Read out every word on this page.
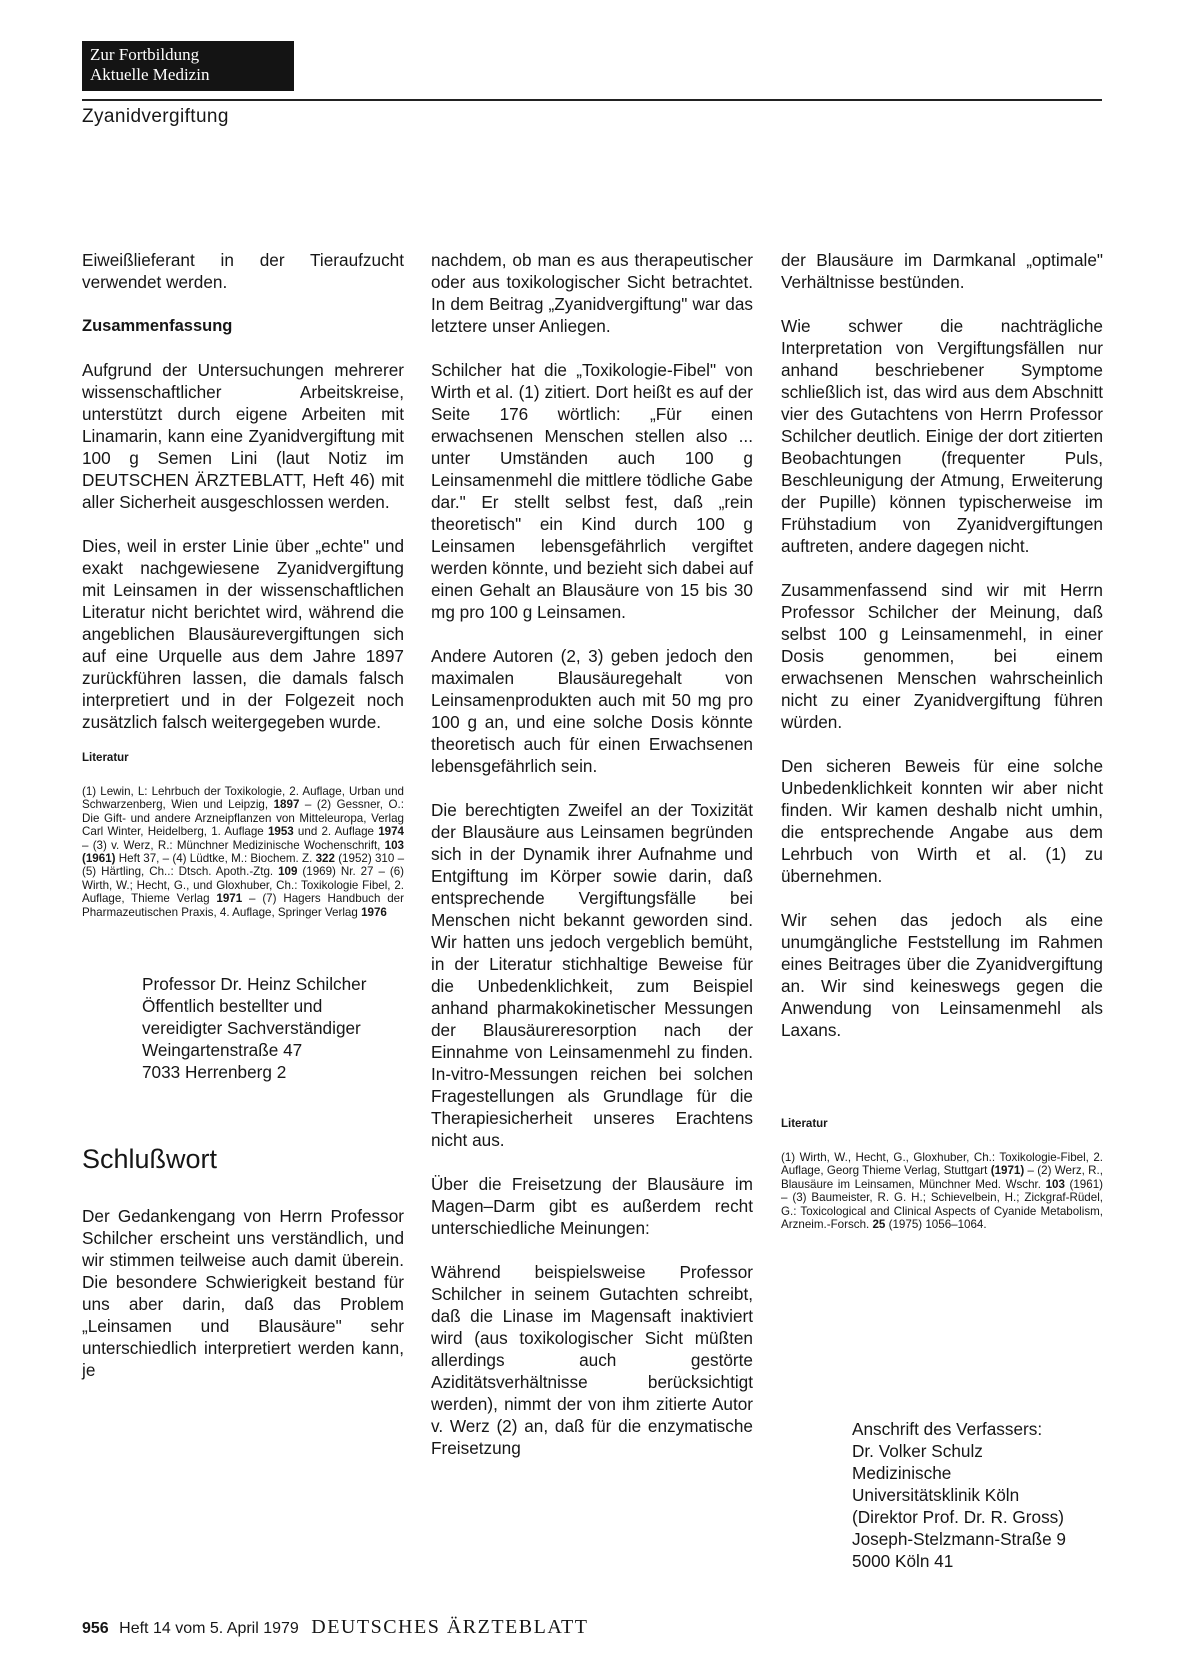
Zur Fortbildung
Aktuelle Medizin
Zyanidvergiftung

Eiweißlieferant in der Tieraufzucht verwendet werden.

Zusammenfassung

Aufgrund der Untersuchungen mehrerer wissenschaftlicher Arbeitskreise, unterstützt durch eigene Arbeiten mit Linamarin, kann eine Zyanidvergiftung mit 100 g Semen Lini (laut Notiz im DEUTSCHEN ÄRZTEBLATT, Heft 46) mit aller Sicherheit ausgeschlossen werden.

Dies, weil in erster Linie über „echte" und exakt nachgewiesene Zyanidvergiftung mit Leinsamen in der wissenschaftlichen Literatur nicht berichtet wird, während die angeblichen Blausäurevergiftungen sich auf eine Urquelle aus dem Jahre 1897 zurückführen lassen, die damals falsch interpretiert und in der Folgezeit noch zusätzlich falsch weitergegeben wurde.

Literatur
(1) Lewin, L: Lehrbuch der Toxikologie, 2. Auflage, Urban und Schwarzenberg, Wien und Leipzig, 1897 – (2) Gessner, O.: Die Gift- und andere Arzneipflanzen von Mitteleuropa, Verlag Carl Winter, Heidelberg, 1. Auflage 1953 und 2. Auflage 1974 – (3) v. Werz, R.: Münchner Medizinische Wochenschrift, 103 (1961) Heft 37, – (4) Lüdtke, M.: Biochem. Z. 322 (1952) 310 – (5) Härtling, Ch..: Dtsch. Apoth.-Ztg. 109 (1969) Nr. 27 – (6) Wirth, W.; Hecht, G., und Gloxhuber, Ch.: Toxikologie Fibel, 2. Auflage, Thieme Verlag 1971 – (7) Hagers Handbuch der Pharmazeutischen Praxis, 4. Auflage, Springer Verlag 1976
Professor Dr. Heinz Schilcher
Öffentlich bestellter und
vereidigter Sachverständiger
Weingartenstraße 47
7033 Herrenberg 2
Schlußwort

Der Gedankengang von Herrn Professor Schilcher erscheint uns verständlich, und wir stimmen teilweise auch damit überein. Die besondere Schwierigkeit bestand für uns aber darin, daß das Problem „Leinsamen und Blausäure" sehr unterschiedlich interpretiert werden kann, je

nachdem, ob man es aus therapeutischer oder aus toxikologischer Sicht betrachtet. In dem Beitrag „Zyanidvergiftung" war das letztere unser Anliegen.

Schilcher hat die „Toxikologie-Fibel" von Wirth et al. (1) zitiert. Dort heißt es auf der Seite 176 wörtlich: „Für einen erwachsenen Menschen stellen also ... unter Umständen auch 100 g Leinsamenmehl die mittlere tödliche Gabe dar." Er stellt selbst fest, daß „rein theoretisch" ein Kind durch 100 g Leinsamen lebensgefährlich vergiftet werden könnte, und bezieht sich dabei auf einen Gehalt an Blausäure von 15 bis 30 mg pro 100 g Leinsamen.

Andere Autoren (2, 3) geben jedoch den maximalen Blausäuregehalt von Leinsamenprodukten auch mit 50 mg pro 100 g an, und eine solche Dosis könnte theoretisch auch für einen Erwachsenen lebensgefährlich sein.

Die berechtigten Zweifel an der Toxizität der Blausäure aus Leinsamen begründen sich in der Dynamik ihrer Aufnahme und Entgiftung im Körper sowie darin, daß entsprechende Vergiftungsfälle bei Menschen nicht bekannt geworden sind. Wir hatten uns jedoch vergeblich bemüht, in der Literatur stichhaltige Beweise für die Unbedenklichkeit, zum Beispiel anhand pharmakokinetischer Messungen der Blausäureresorption nach der Einnahme von Leinsamenmehl zu finden. In-vitro-Messungen reichen bei solchen Fragestellungen als Grundlage für die Therapiesicherheit unseres Erachtens nicht aus.

Über die Freisetzung der Blausäure im Magen–Darm gibt es außerdem recht unterschiedliche Meinungen:

Während beispielsweise Professor Schilcher in seinem Gutachten schreibt, daß die Linase im Magensaft inaktiviert wird (aus toxikologischer Sicht müßten allerdings auch gestörte Aziditätsverhältnisse berücksichtigt werden), nimmt der von ihm zitierte Autor v. Werz (2) an, daß für die enzymatische Freisetzung

der Blausäure im Darmkanal „optimale" Verhältnisse bestünden.

Wie schwer die nachträgliche Interpretation von Vergiftungsfällen nur anhand beschriebener Symptome schließlich ist, das wird aus dem Abschnitt vier des Gutachtens von Herrn Professor Schilcher deutlich. Einige der dort zitierten Beobachtungen (frequenter Puls, Beschleunigung der Atmung, Erweiterung der Pupille) können typischerweise im Frühstadium von Zyanidvergiftungen auftreten, andere dagegen nicht.

Zusammenfassend sind wir mit Herrn Professor Schilcher der Meinung, daß selbst 100 g Leinsamenmehl, in einer Dosis genommen, bei einem erwachsenen Menschen wahrscheinlich nicht zu einer Zyanidvergiftung führen würden.

Den sicheren Beweis für eine solche Unbedenklichkeit konnten wir aber nicht finden. Wir kamen deshalb nicht umhin, die entsprechende Angabe aus dem Lehrbuch von Wirth et al. (1) zu übernehmen.

Wir sehen das jedoch als eine unumgängliche Feststellung im Rahmen eines Beitrages über die Zyanidvergiftung an. Wir sind keineswegs gegen die Anwendung von Leinsamenmehl als Laxans.

Literatur
(1) Wirth, W., Hecht, G., Gloxhuber, Ch.: Toxikologie-Fibel, 2. Auflage, Georg Thieme Verlag, Stuttgart (1971) – (2) Werz, R., Blausäure im Leinsamen, Münchner Med. Wschr. 103 (1961) – (3) Baumeister, R. G. H.; Schievelbein, H.; Zickgraf-Rüdel, G.: Toxicological and Clinical Aspects of Cyanide Metabolism, Arzneim.-Forsch. 25 (1975) 1056–1064.
Anschrift des Verfassers:
Dr. Volker Schulz
Medizinische
Universitätsklinik Köln
(Direktor Prof. Dr. R. Gross)
Joseph-Stelzmann-Straße 9
5000 Köln 41
956 Heft 14 vom 5. April 1979 DEUTSCHES ÄRZTEBLATT
